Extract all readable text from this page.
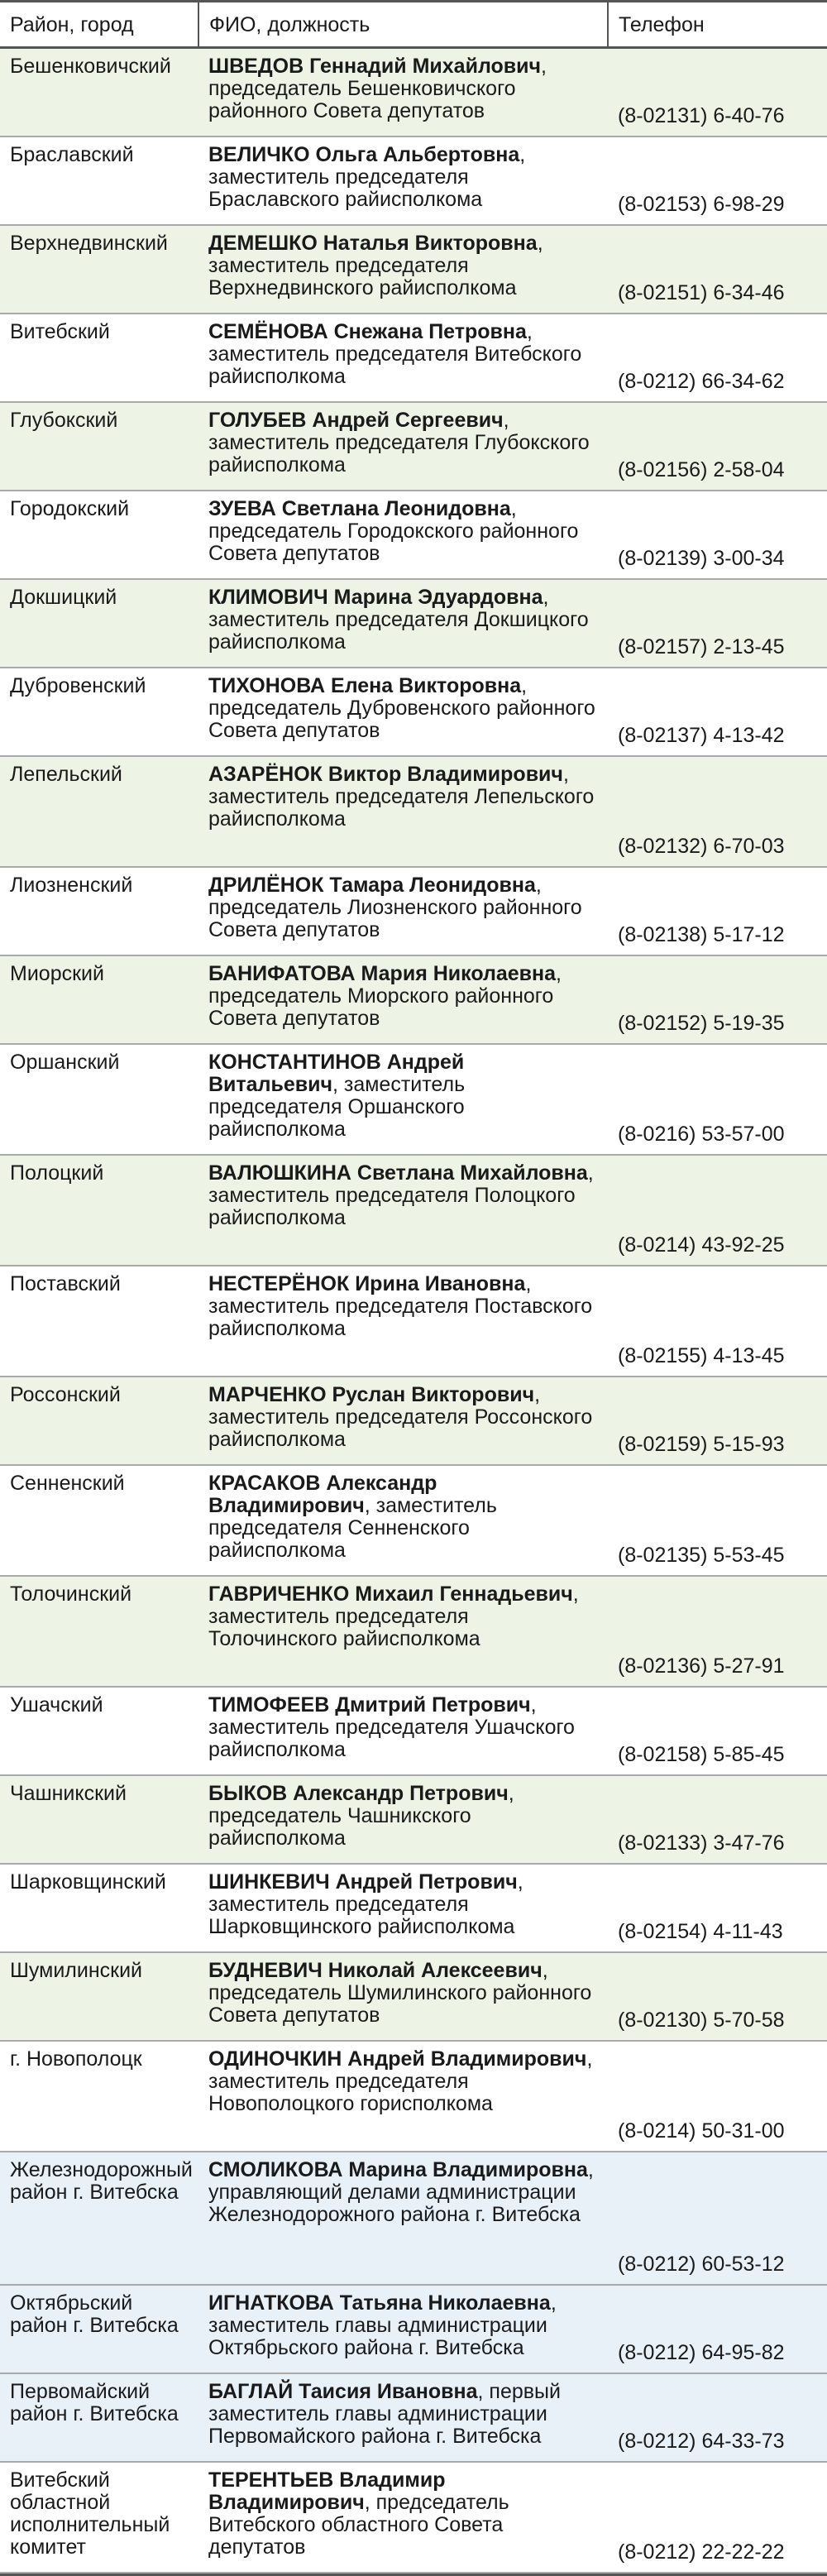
Район, город	ФИО, должность	Телефон
Бешенковичский	ШВЕДОВ Геннадий Михайлович, председатель Бешенковичского районного Совета депутатов	(8-02131) 6-40-76
Браславский	ВЕЛИЧКО Ольга Альбертовна, заместитель председателя Браславского райисполкома	(8-02153) 6-98-29
Верхнедвинский	ДЕМЕШКО Наталья Викторовна, заместитель председателя Верхнедвинского райисполкома	(8-02151) 6-34-46
Витебский	СЕМЁНОВА Снежана Петровна, заместитель председателя Витебского райисполкома	(8-0212) 66-34-62
Глубокский	ГОЛУБЕВ Андрей Сергеевич, заместитель председателя Глубокского райисполкома	(8-02156) 2-58-04
Городокский	ЗУЕВА Светлана Леонидовна, председатель Городокского районного Совета депутатов	(8-02139) 3-00-34
Докшицкий	КЛИМОВИЧ Марина Эдуардовна, заместитель председателя Докшицкого райисполкома	(8-02157) 2-13-45
Дубровенский	ТИХОНОВА Елена Викторовна, председатель Дубровенского районного Совета депутатов	(8-02137) 4-13-42
Лепельский	АЗАРЁНОК Виктор Владимирович, заместитель председателя Лепельского райисполкома	(8-02132) 6-70-03
Лиозненский	ДРИЛЁНОК Тамара Леонидовна, председатель Лиозненского районного Совета депутатов	(8-02138) 5-17-12
Миорский	БАНИФАТОВА Мария Николаевна, председатель Миорского районного Совета депутатов	(8-02152) 5-19-35
Оршанский	КОНСТАНТИНОВ Андрей Витальевич, заместитель председателя Оршанского райисполкома	(8-0216) 53-57-00
Полоцкий	ВАЛЮШКИНА Светлана Михайловна, заместитель председателя Полоцкого райисполкома	(8-0214) 43-92-25
Поставский	НЕСТЕРЁНОК Ирина Ивановна, заместитель председателя Поставского райисполкома	(8-02155) 4-13-45
Россонский	МАРЧЕНКО Руслан Викторович, заместитель председателя Россонского райисполкома	(8-02159) 5-15-93
Сенненский	КРАСАКОВ Александр Владимирович, заместитель председателя Сенненского райисполкома	(8-02135) 5-53-45
Толочинский	ГАВРИЧЕНКО Михаил Геннадьевич, заместитель председателя Толочинского райисполкома	(8-02136) 5-27-91
Ушачский	ТИМОФЕЕВ Дмитрий Петрович, заместитель председателя Ушачского райисполкома	(8-02158) 5-85-45
Чашникский	БЫКОВ Александр Петрович, председатель Чашникского райисполкома	(8-02133) 3-47-76
Шарковщинский	ШИНКЕВИЧ Андрей Петрович, заместитель председателя Шарковщинского райисполкома	(8-02154) 4-11-43
Шумилинский	БУДНЕВИЧ Николай Алексеевич, председатель Шумилинского районного Совета депутатов	(8-02130) 5-70-58
г. Новополоцк	ОДИНОЧКИН Андрей Владимирович, заместитель председателя Новополоцкого горисполкома	(8-0214) 50-31-00
Железнодорожный район г. Витебска	СМОЛИКОВА Марина Владимировна, управляющий делами администрации Железнодорожного района г. Витебска	(8-0212) 60-53-12
Октябрьский район г. Витебска	ИГНАТКОВА Татьяна Николаевна, заместитель главы администрации Октябрьского района г. Витебска	(8-0212) 64-95-82
Первомайский район г. Витебска	БАГЛАЙ Таисия Ивановна, первый заместитель главы администрации Первомайского района г. Витебска	(8-0212) 64-33-73
Витебский областной исполнительный комитет	ТЕРЕНТЬЕВ Владимир Владимирович, председатель Витебского областного Совета депутатов	(8-0212) 22-22-22
